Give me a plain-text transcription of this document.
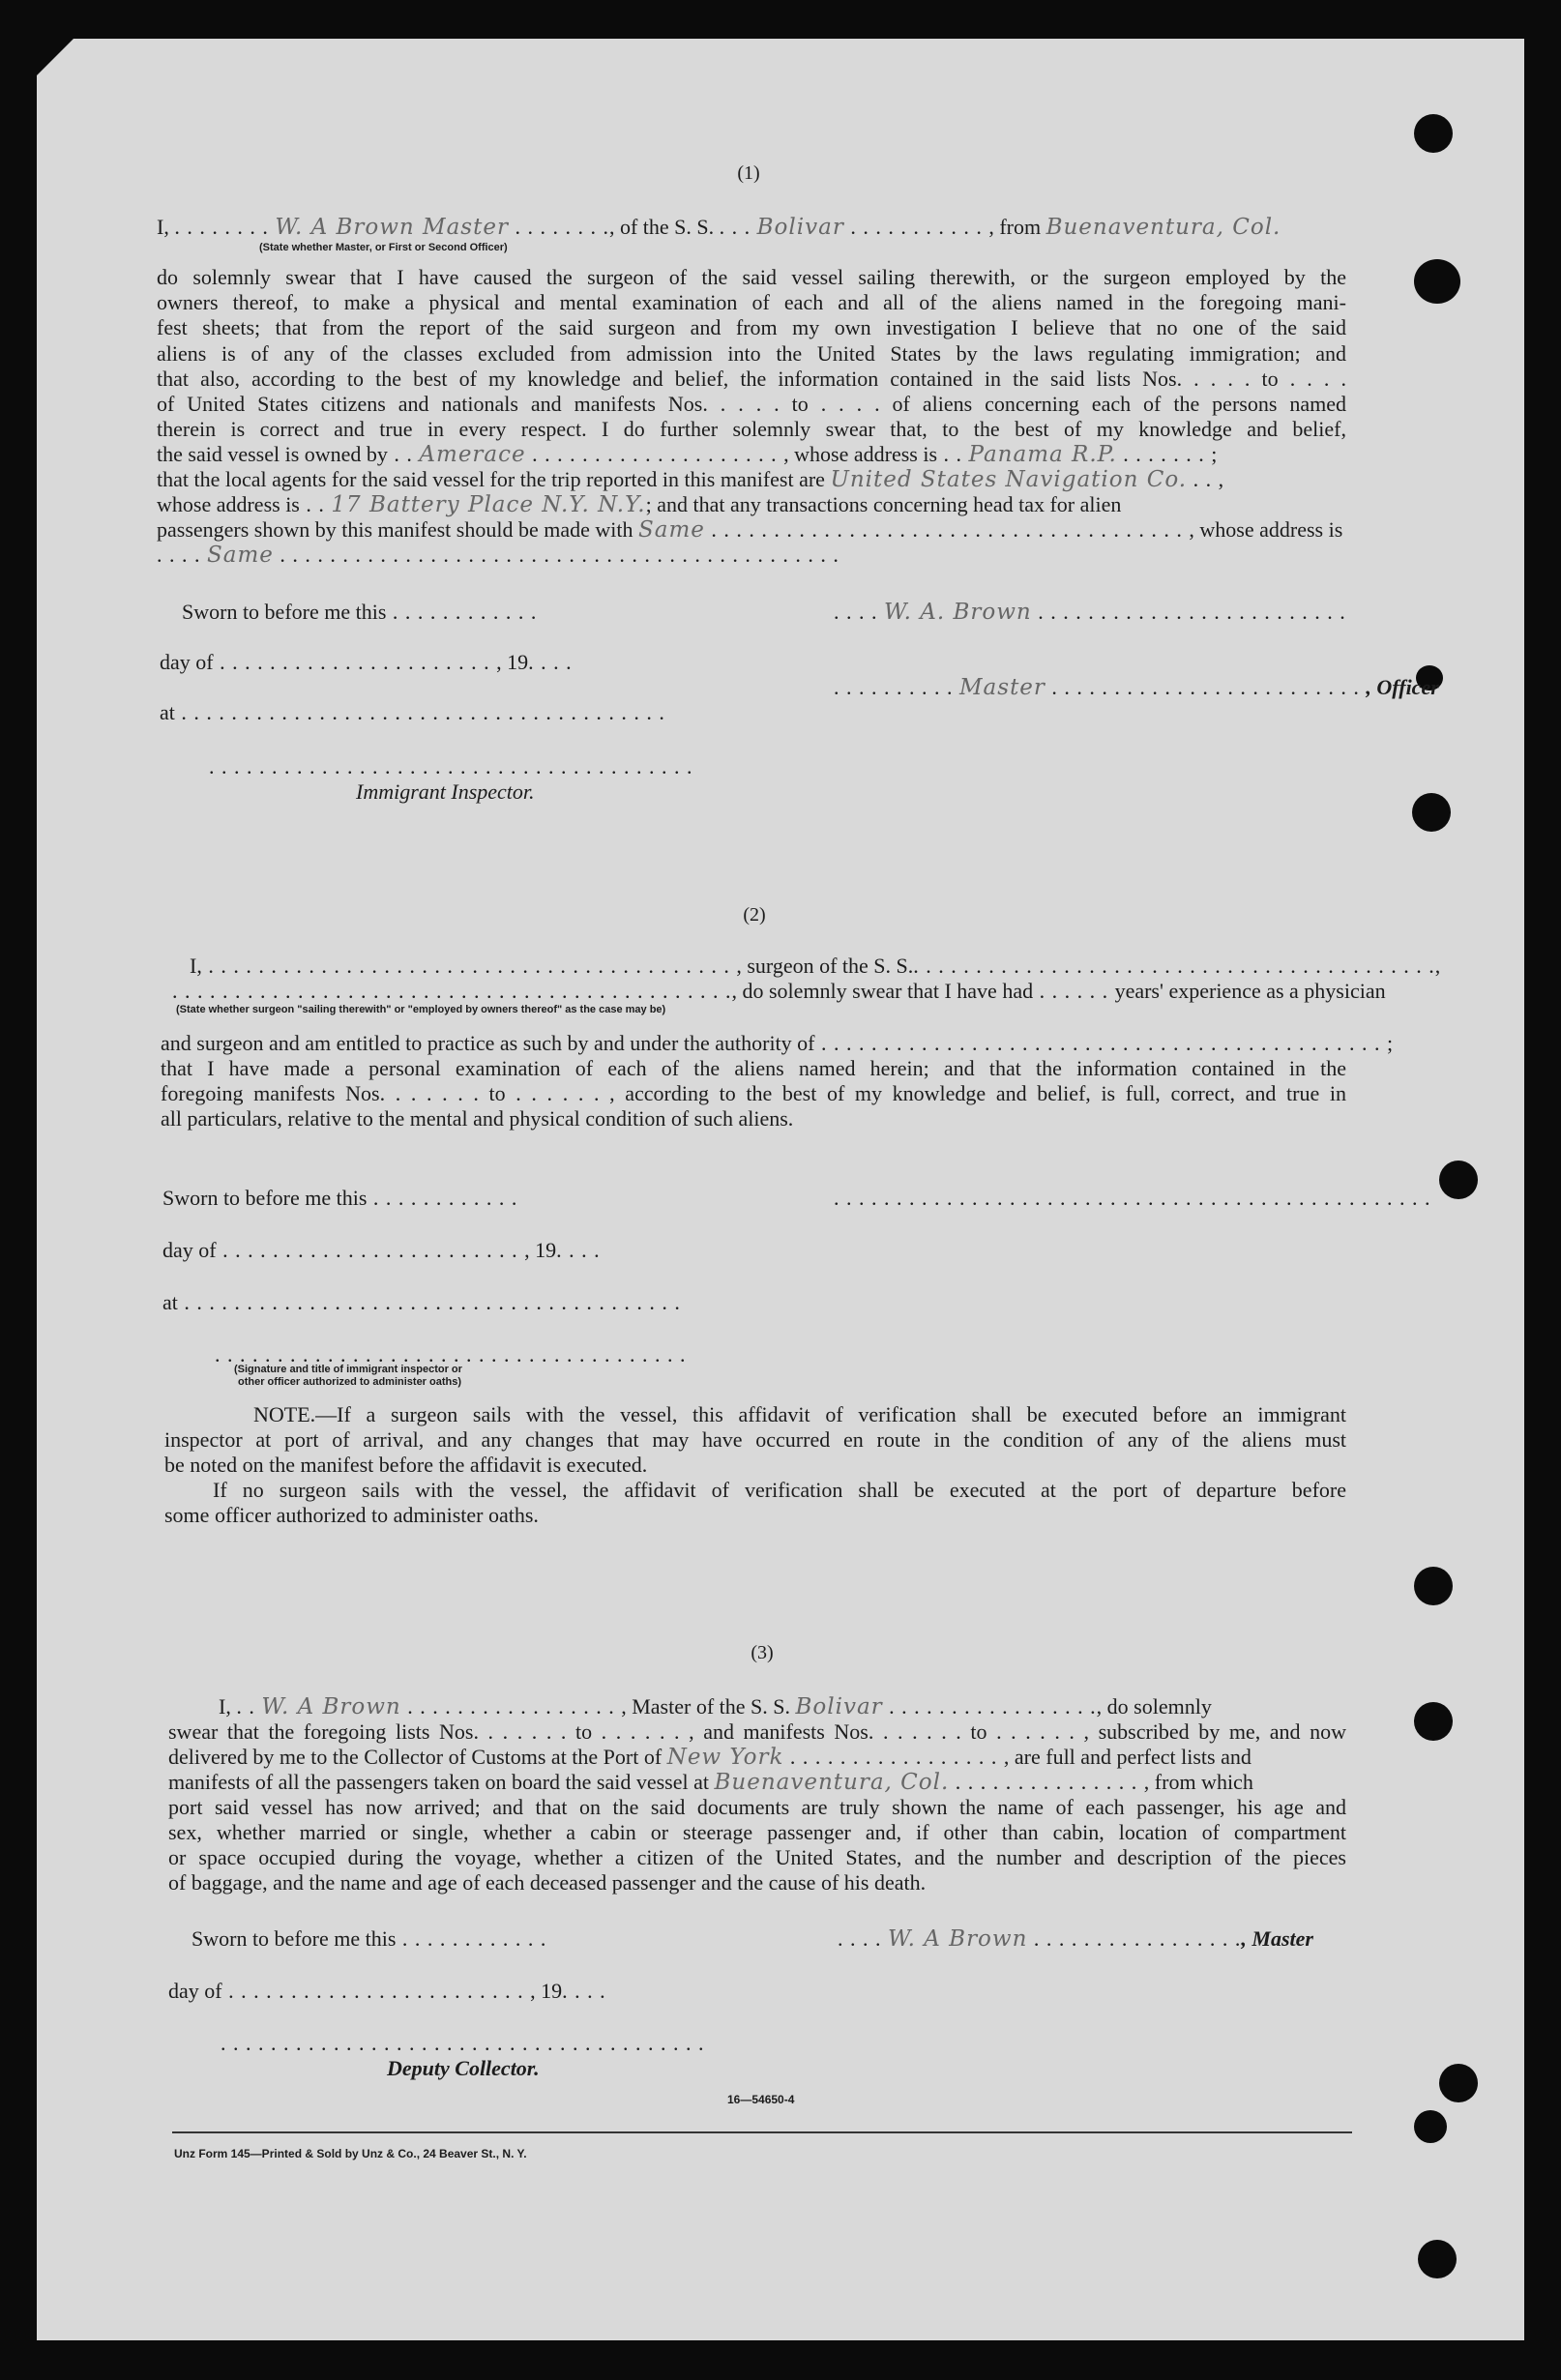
(1)
I, . . . . . . . . W. A Brown Master . . . . . . . ., of the S. S. . . . Bolivar . . . . . . . . . . . , from Buenaventura, Col.
(State whether Master, or First or Second Officer)
do solemnly swear that I have caused the surgeon of the said vessel sailing therewith, or the surgeon employed by the
owners thereof, to make a physical and mental examination of each and all of the aliens named in the foregoing mani-
fest sheets; that from the report of the said surgeon and from my own investigation I believe that no one of the said
aliens is of any of the classes excluded from admission into the United States by the laws regulating immigration; and
that also, according to the best of my knowledge and belief, the information contained in the said lists Nos. . . . . to . . . .
of United States citizens and nationals and manifests Nos. . . . . to . . . . of aliens concerning each of the persons named
therein is correct and true in every respect. I do further solemnly swear that, to the best of my knowledge and belief,
the said vessel is owned by . . Amerace . . . . . . . . . . . . . . . . . . . . , whose address is . . Panama R.P. . . . . . . . ;
that the local agents for the said vessel for the trip reported in this manifest are United States Navigation Co. . . ,
whose address is . . 17 Battery Place N.Y. N.Y.; and that any transactions concerning head tax for alien
passengers shown by this manifest should be made with Same . . . . . . . . . . . . . . . . . . . . . . . . . . . . . . . . . . . . . . , whose address is
. . . . Same . . . . . . . . . . . . . . . . . . . . . . . . . . . . . . . . . . . . . . . . . . . . .
Sworn to before me this . . . . . . . . . . . .	. . . . W. A. Brown . . . . . . . . . . . . . . . . . . . . . . . . .
day of . . . . . . . . . . . . . . . . . . . . . . , 19. . . .
. . . . . . . . . . Master . . . . . . . . . . . . . . . . . . . . . . . . . , Officer
at . . . . . . . . . . . . . . . . . . . . . . . . . . . . . . . . . . . . . . .
. . . . . . . . . . . . . . . . . . . . . . . . . . . . . . . . . . . . . . .
Immigrant Inspector.
(2)
I, . . . . . . . . . . . . . . . . . . . . . . . . . . . . . . . . . . . . . . . . . . , surgeon of the S. S.. . . . . . . . . . . . . . . . . . . . . . . . . . . . . . . . . . . . . . . . . .,
. . . . . . . . . . . . . . . . . . . . . . . . . . . . . . . . . . . . . . . . . . . . ., do solemnly swear that I have had . . . . . . years' experience as a physician
(State whether surgeon "sailing therewith" or "employed by owners thereof" as the case may be)
and surgeon and am entitled to practice as such by and under the authority of . . . . . . . . . . . . . . . . . . . . . . . . . . . . . . . . . . . . . . . . . . . . . ;
that I have made a personal examination of each of the aliens named herein; and that the information contained in the
foregoing manifests Nos. . . . . . . to . . . . . . , according to the best of my knowledge and belief, is full, correct, and true in
all particulars, relative to the mental and physical condition of such aliens.
Sworn to before me this . . . . . . . . . . . .	. . . . . . . . . . . . . . . . . . . . . . . . . . . . . . . . . . . . . . . . . . . . . . . .
day of . . . . . . . . . . . . . . . . . . . . . . . . , 19. . . .
at . . . . . . . . . . . . . . . . . . . . . . . . . . . . . . . . . . . . . . . .
. . . . . . . . . . . . . . . . . . . . . . . . . . . . . . . . . . . . . .
(Signature and title of immigrant inspector or
other officer authorized to administer oaths)
NOTE.—If a surgeon sails with the vessel, this affidavit of verification shall be executed before an immigrant
inspector at port of arrival, and any changes that may have occurred en route in the condition of any of the aliens must
be noted on the manifest before the affidavit is executed.
If no surgeon sails with the vessel, the affidavit of verification shall be executed at the port of departure before
some officer authorized to administer oaths.
(3)
I, . . W. A Brown . . . . . . . . . . . . . . . . . , Master of the S. S. Bolivar . . . . . . . . . . . . . . . . ., do solemnly
swear that the foregoing lists Nos. . . . . . . to . . . . . . , and manifests Nos. . . . . . . to . . . . . . , subscribed by me, and now
delivered by me to the Collector of Customs at the Port of New York . . . . . . . . . . . . . . . . . , are full and perfect lists and
manifests of all the passengers taken on board the said vessel at Buenaventura, Col. . . . . . . . . . . . . . . . , from which
port said vessel has now arrived; and that on the said documents are truly shown the name of each passenger, his age and
sex, whether married or single, whether a cabin or steerage passenger and, if other than cabin, location of compartment
or space occupied during the voyage, whether a citizen of the United States, and the number and description of the pieces
of baggage, and the name and age of each deceased passenger and the cause of his death.
Sworn to before me this . . . . . . . . . . . .	. . . . W. A Brown . . . . . . . . . . . . . . . . ., Master
day of . . . . . . . . . . . . . . . . . . . . . . . . , 19. . . .
. . . . . . . . . . . . . . . . . . . . . . . . . . . . . . . . . . . . . . .
Deputy Collector.
16—54650-4
Unz Form 145—Printed & Sold by Unz & Co., 24 Beaver St., N. Y.
